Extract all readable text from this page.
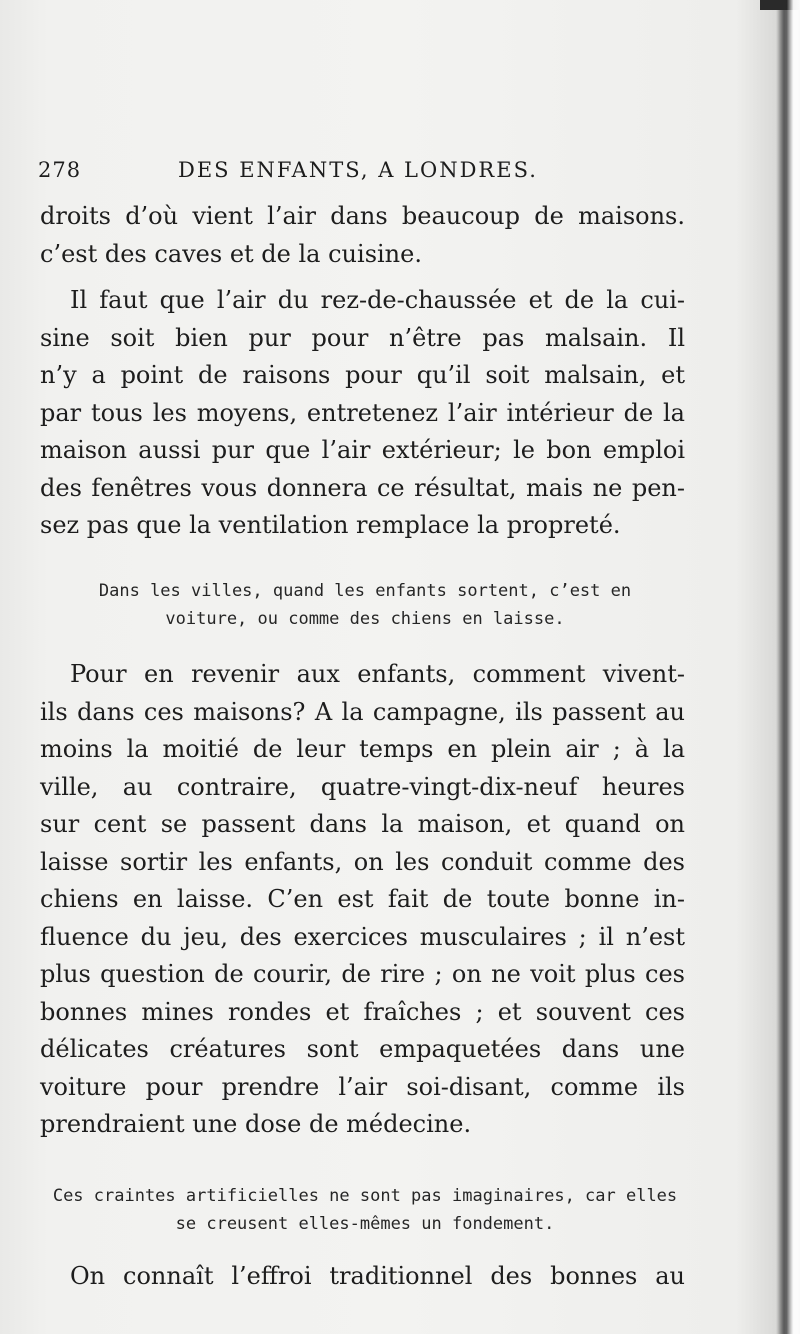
278	DES ENFANTS, A LONDRES.
droits d’où vient l’air dans beaucoup de maisons.
c’est des caves et de la cuisine.
Il faut que l’air du rez-de-chaussée et de la cui-
sine soit bien pur pour n’être pas malsain. Il
n’y a point de raisons pour qu’il soit malsain, et
par tous les moyens, entretenez l’air intérieur de la
maison aussi pur que l’air extérieur; le bon emploi
des fenêtres vous donnera ce résultat, mais ne pen-
sez pas que la ventilation remplace la propreté.
Dans les villes, quand les enfants sortent, c’est en
voiture, ou comme des chiens en laisse.
Pour en revenir aux enfants, comment vivent-
ils dans ces maisons? A la campagne, ils passent au
moins la moitié de leur temps en plein air ; à la
ville, au contraire, quatre-vingt-dix-neuf heures
sur cent se passent dans la maison, et quand on
laisse sortir les enfants, on les conduit comme des
chiens en laisse. C’en est fait de toute bonne in-
fluence du jeu, des exercices musculaires ; il n’est
plus question de courir, de rire ; on ne voit plus ces
bonnes mines rondes et fraîches ; et souvent ces
délicates créatures sont empaquetées dans une
voiture pour prendre l’air soi-disant, comme ils
prendraient une dose de médecine.
Ces craintes artificielles ne sont pas imaginaires, car elles
se creusent elles-mêmes un fondement.
On connaît l’effroi traditionnel des bonnes au
